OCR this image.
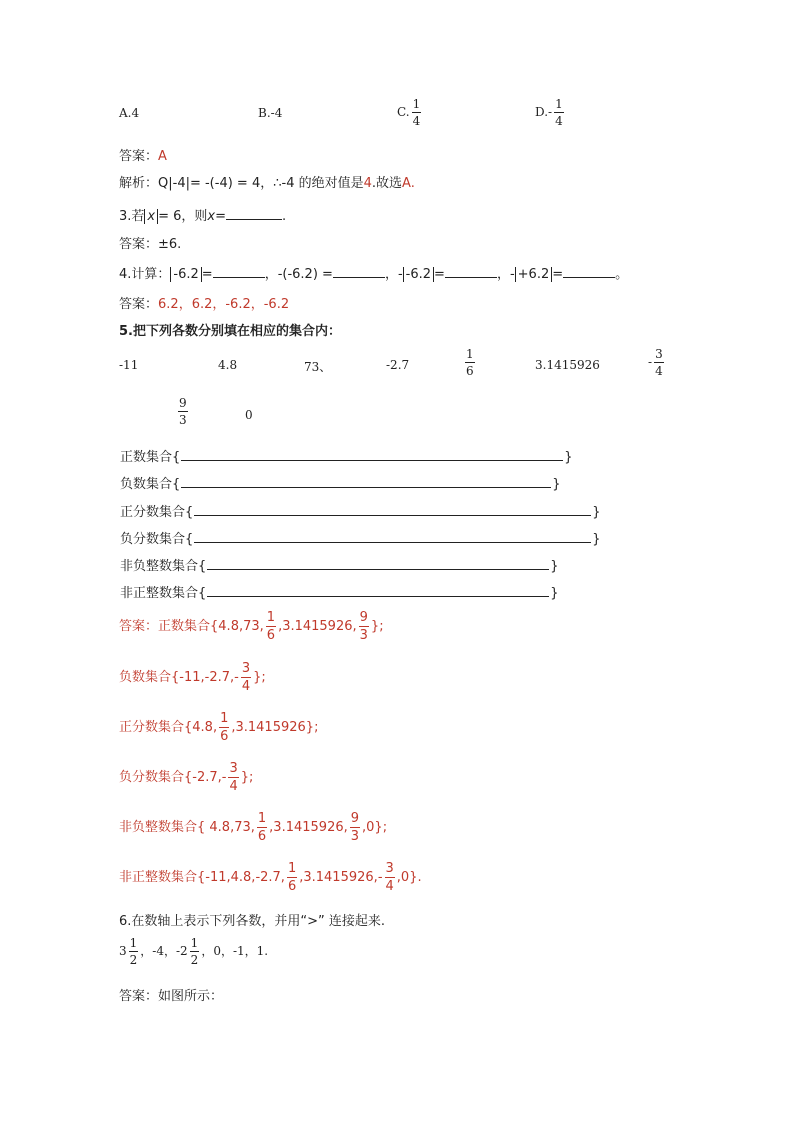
A.4	B.-4	C. $\frac{1}{4}$	$D.- \frac{1}{4}$
答案：A
解析：Q|-4|= -(-4) = 4，∴-4 的绝对值是4.故选A.
3.若 x = 6，则x=	.
答案：±6.
4.计算： -6.2 =	，-(-6.2) =	，- -6.2 =	，- +6.2 =	。
答案：6.2，6.2，-6.2，-6.2
5.把下列各数分别填在相应的集合内：
-11	4.8	73、	-2.7	$\frac{1}{6}$	3.1415926	- $\frac{3}{4}$
$\frac{9}{3}$	0
正数集合{	}
负数集合{	}
正分数集合{	}
负分数集合{	}
非负整数集合{	}
非正整数集合{	}
答案：正数集合{4.8,73, $\frac{1}{6} ,3.1415926$, $\frac{9}{3}$ };
负数集合{$-11,-2.7,- \frac{3}{4}$ };
正分数集合{4.8, $\frac{1}{6} ,3.1415926$};
负分数集合{$-2.7,- \frac{3}{4}$ };
非负整数集合{ 4.8,73, $\frac{1}{6} ,3.1415926$, $\frac{9}{3} ,0$};
非正整数集合{-11,4.8,-2.7, $\frac{1}{6} ,3.1415926,- \frac{3}{4} ,0$}.
6.在数轴上表示下列各数，并用“>” 连接起来.
$3 \frac{1}{2}$ ，-4，$-2 \frac{1}{2}$ ，0，-1，1.
答案：如图所示：
